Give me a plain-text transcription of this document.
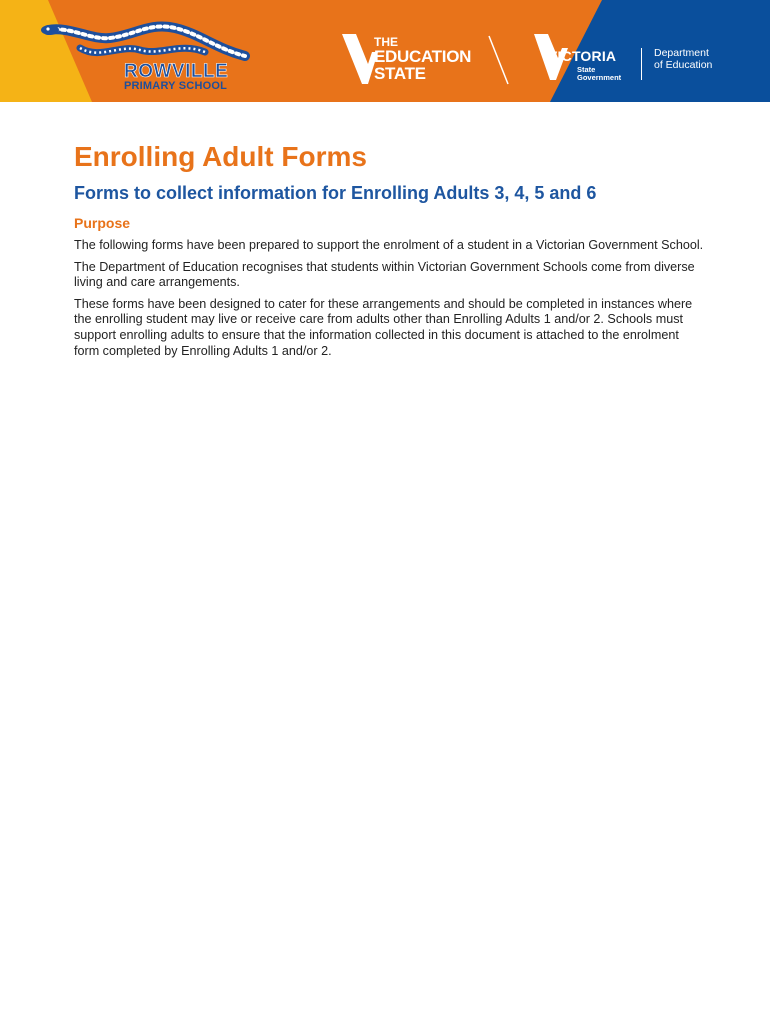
ROWVILLE
PRIMARY SCHOOL
THE
EDUCATION
STATE
VICTORIA
State
Government
Department
of Education
Enrolling Adult Forms
Forms to collect information for Enrolling Adults 3, 4, 5 and 6
Purpose

The following forms have been prepared to support the enrolment of a student in a Victorian Government School.

The Department of Education recognises that students within Victorian Government Schools come from diverse living and care arrangements.

These forms have been designed to cater for these arrangements and should be completed in instances where the enrolling student may live or receive care from adults other than Enrolling Adults 1 and/or 2. Schools must support enrolling adults to ensure that the information collected in this document is attached to the enrolment form completed by Enrolling Adults 1 and/or 2.
